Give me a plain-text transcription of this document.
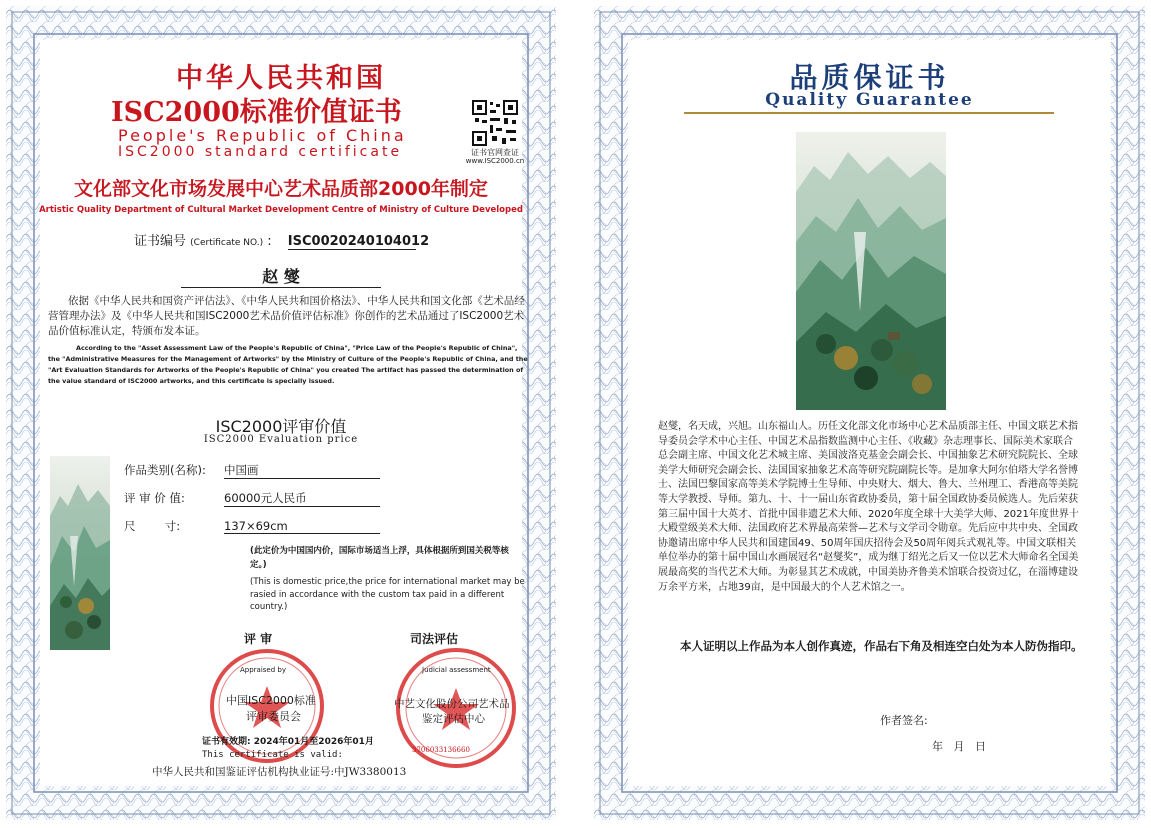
中华人民共和国
ISC2000标准价值证书
People's Republic of China
ISC2000 standard certificate	证书官网查证
www.ISC2000.cn
文化部文化市场发展中心艺术品质部2000年制定
Artistic Quality Department of Cultural Market Development Centre of Ministry of Culture Developed
证书编号 (Certificate NO.) : ISC0020240104012
赵 燮
依据《中华人民共和国资产评估法》、《中华人民共和国价格法》、中华人民共和国文化部《艺术品经营管理办法》及《中华人民共和国ISC2000艺术品价值评估标准》你创作的艺术品通过了ISC2000艺术品价值标准认定，特颁布发本证。
According to the "Asset Assessment Law of the People's Republic of China", "Price Law of the People's Republic of China", the "Administrative Measures for the Management of Artworks" by the Ministry of Culture of the People's Republic of China, and the "Art Evaluation Standards for Artworks of the People's Republic of China" you created The artifact has passed the determination of the value standard of ISC2000 artworks, and this certificate is specially issued.
ISC2000评审价值
ISC2000 Evaluation price
作品类别(名称): 中国画
评 审 价 值:	60000元人民币
尺        寸:	137×69cm
(此定价为中国国内价，国际市场适当上浮，具体根据所到国关税等核定。)
(This is domestic price,the price for international market may be rasied in accordance with the custom tax paid in a different country.)
评 审	司法评估
Appraised by	Judicial assessment
中国ISC2000标准
评审委员会
中艺文化股份公司艺术品
鉴定评估中心
3706033136660
证书有效期: 2024年01月至2026年01月
This certificate is valid:
中华人民共和国鉴证评估机构执业证号:中JW3380013
品质保证书
Quality Guarantee
赵燮，名天成，兴旭。山东福山人。历任文化部文化市场中心艺术品质部主任、中国文联艺术指导委员会学术中心主任、中国艺术品指数监测中心主任、《收藏》杂志理事长、国际美术家联合总会副主席、中国文化艺术城主席、美国波洛克基金会副会长、中国抽象艺术研究院院长、全球美学大师研究会副会长、法国国家抽象艺术高等研究院副院长等。是加拿大阿尔伯塔大学名誉博士、法国巴黎国家高等美术学院博士生导师、中央财大、烟大、鲁大、兰州理工、香港高等美院等大学教授、导师。第九、十、十一届山东省政协委员，第十届全国政协委员候选人。先后荣获第三届中国十大英才、首批中国非遗艺术大师、2020年度全球十大美学大师、2021年度世界十大殿堂级美术大师、法国政府艺术界最高荣誉—艺术与文学司令勋章。先后应中共中央、全国政协邀请出席中华人民共和国建国49、50周年国庆招待会及50周年阅兵式观礼等。中国文联相关单位举办的第十届中国山水画展冠名“赵燮奖”，成为继丁绍光之后又一位以艺术大师命名全国美展最高奖的当代艺术大师。为彰显其艺术成就，中国美协齐鲁美术馆联合投资过亿，在淄博建设万余平方米，占地39亩，是中国最大的个人艺术馆之一。
本人证明以上作品为本人创作真迹，作品右下角及相连空白处为本人防伪指印。
作者签名:
年   月   日
